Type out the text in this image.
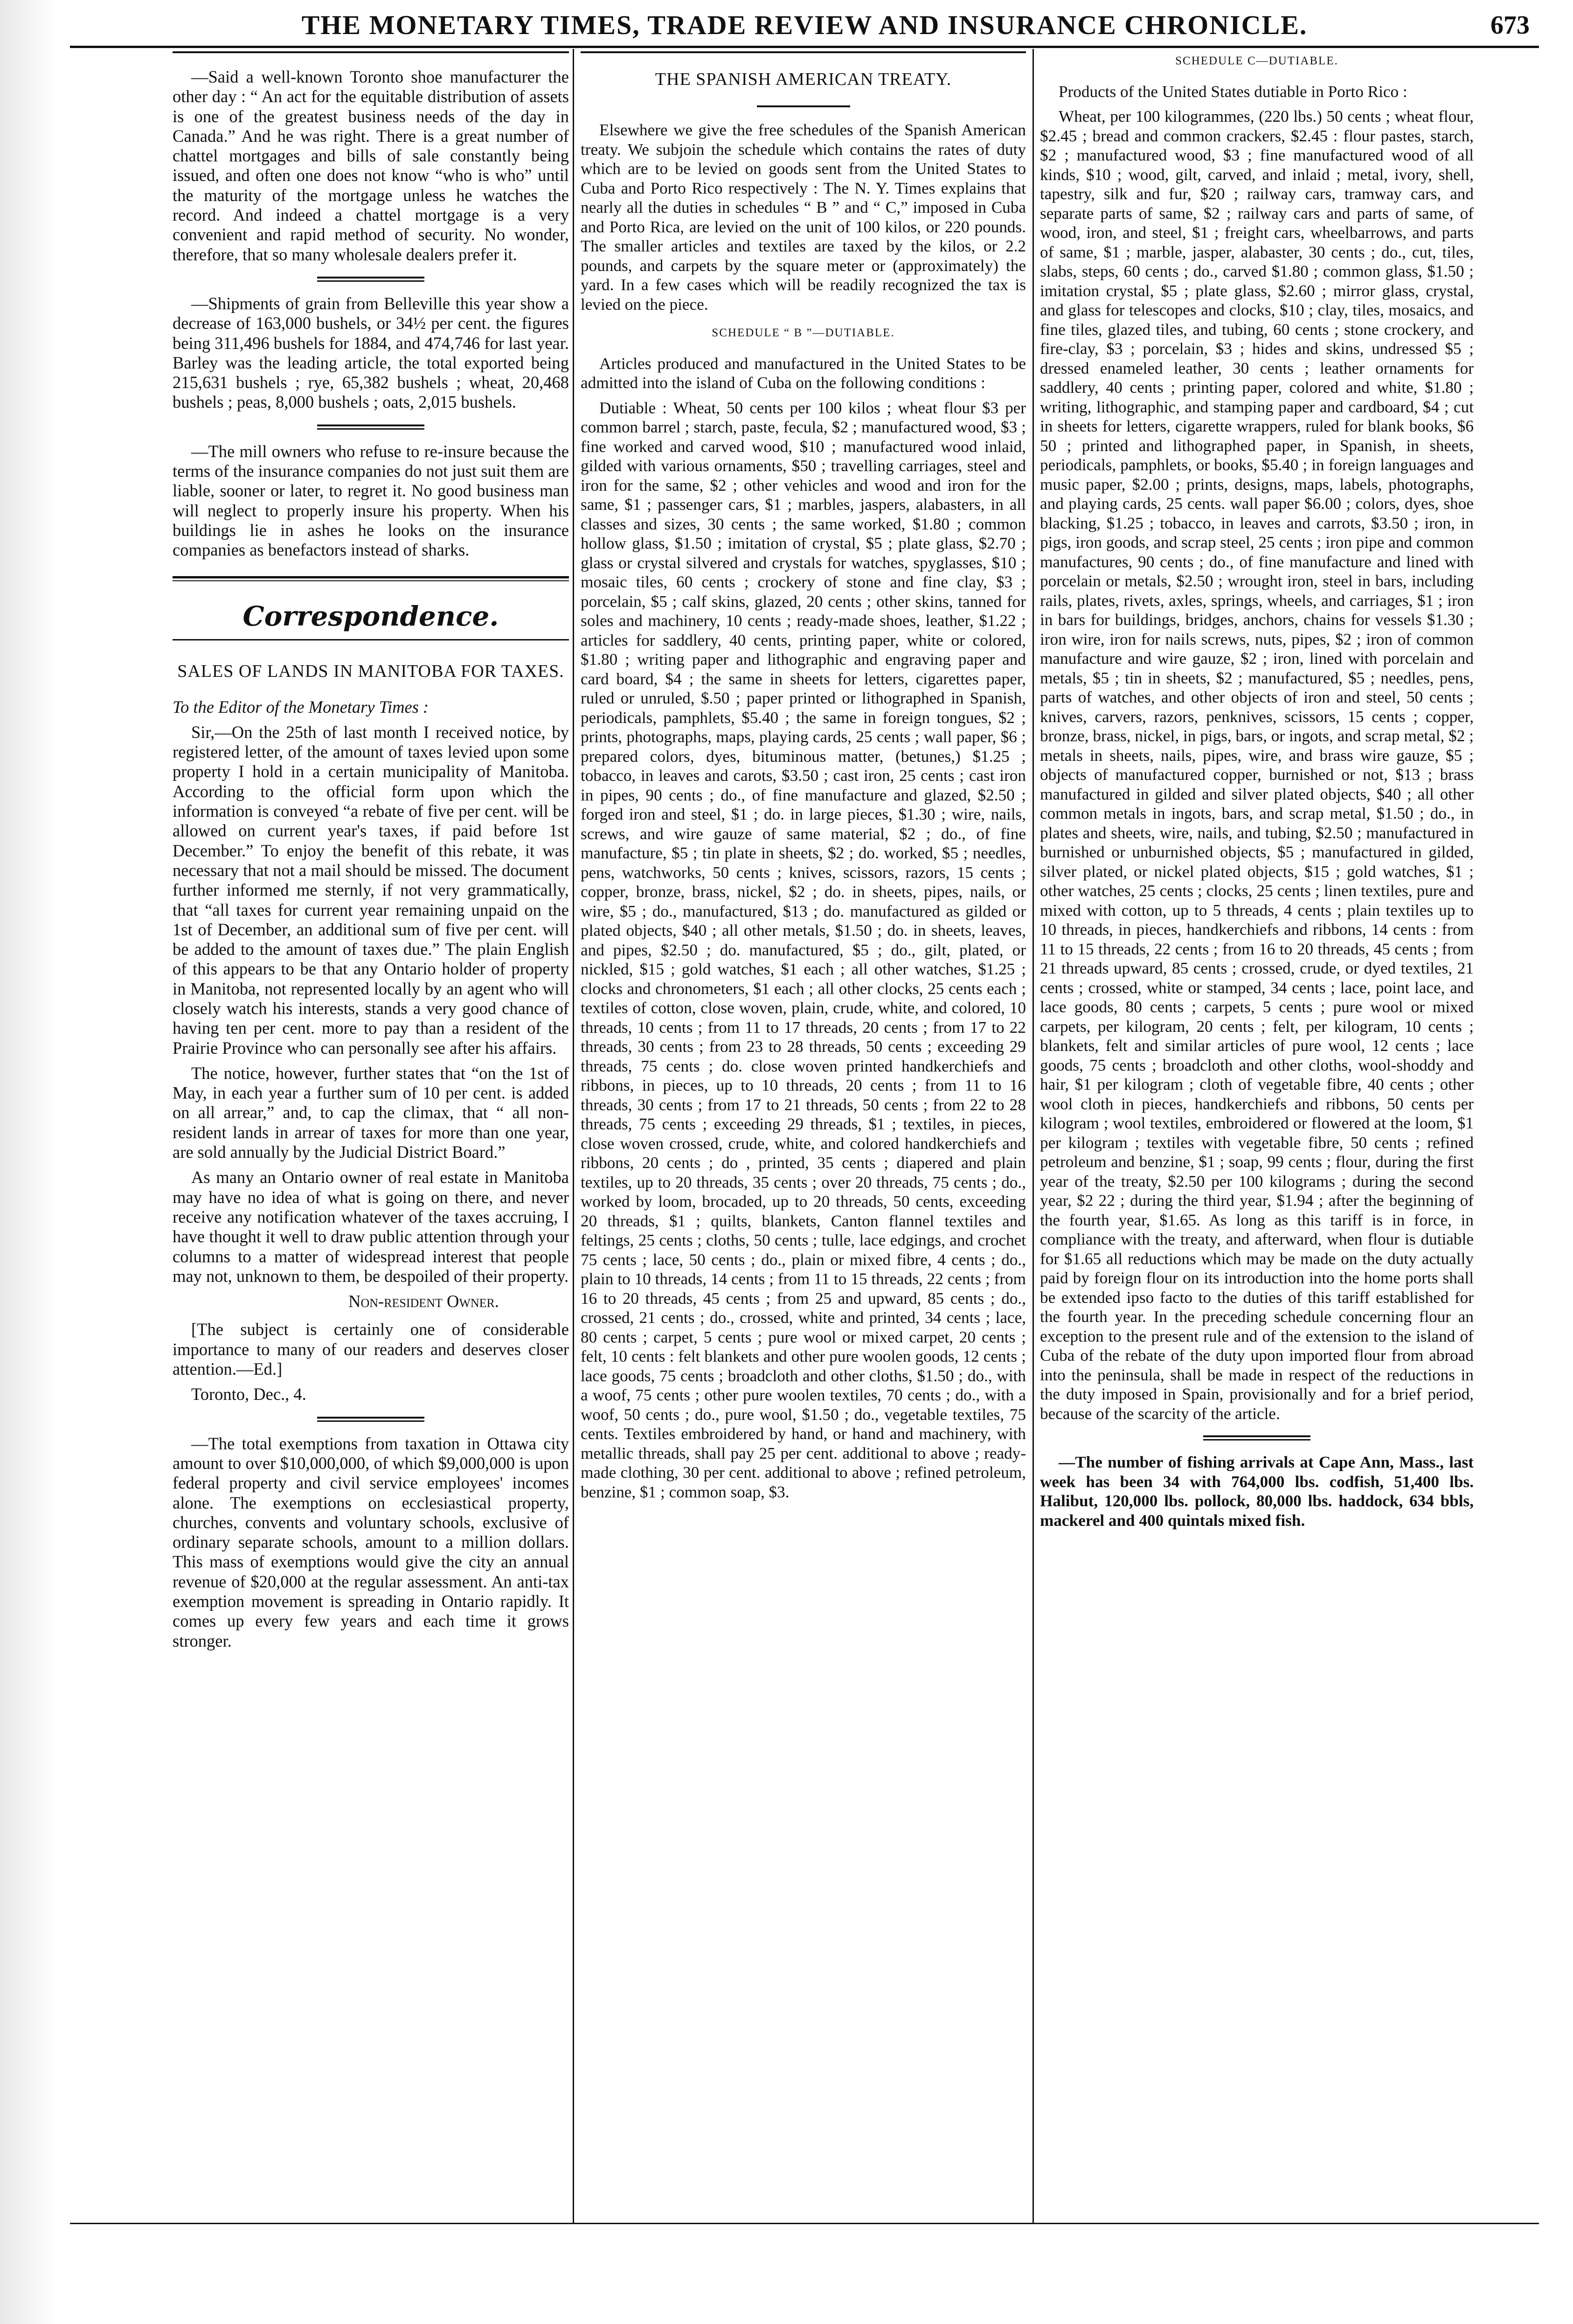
THE MONETARY TIMES, TRADE REVIEW AND INSURANCE CHRONICLE.	673

—Said a well-known Toronto shoe manufacturer the other day : “ An act for the equitable distribution of assets is one of the greatest business needs of the day in Canada.” And he was right. There is a great number of chattel mortgages and bills of sale constantly being issued, and often one does not know “who is who” until the maturity of the mortgage unless he watches the record. And indeed a chattel mortgage is a very convenient and rapid method of security. No wonder, therefore, that so many wholesale dealers prefer it.

—Shipments of grain from Belleville this year show a decrease of 163,000 bushels, or 34½ per cent. the figures being 311,496 bushels for 1884, and 474,746 for last year. Barley was the leading article, the total exported being 215,631 bushels ; rye, 65,382 bushels ; wheat, 20,468 bushels ; peas, 8,000 bushels ; oats, 2,015 bushels.

—The mill owners who refuse to re-insure because the terms of the insurance companies do not just suit them are liable, sooner or later, to regret it. No good business man will neglect to properly insure his property. When his buildings lie in ashes he looks on the insurance companies as benefactors instead of sharks.

Correspondence.
SALES OF LANDS IN MANITOBA FOR TAXES.

To the Editor of the Monetary Times :

Sir,—On the 25th of last month I received notice, by registered letter, of the amount of taxes levied upon some property I hold in a certain municipality of Manitoba. According to the official form upon which the information is conveyed “a rebate of five per cent. will be allowed on current year's taxes, if paid before 1st December.” To enjoy the benefit of this rebate, it was necessary that not a mail should be missed. The document further informed me sternly, if not very grammatically, that “all taxes for current year remaining unpaid on the 1st of December, an additional sum of five per cent. will be added to the amount of taxes due.” The plain English of this appears to be that any Ontario holder of property in Manitoba, not represented locally by an agent who will closely watch his interests, stands a very good chance of having ten per cent. more to pay than a resident of the Prairie Province who can personally see after his affairs.

The notice, however, further states that “on the 1st of May, in each year a further sum of 10 per cent. is added on all arrear,” and, to cap the climax, that “ all non-resident lands in arrear of taxes for more than one year, are sold annually by the Judicial District Board.”

As many an Ontario owner of real estate in Manitoba may have no idea of what is going on there, and never receive any notification whatever of the taxes accruing, I have thought it well to draw public attention through your columns to a matter of widespread interest that people may not, unknown to them, be despoiled of their property.

Non-resident Owner.

[The subject is certainly one of considerable importance to many of our readers and deserves closer attention.—Ed.]

Toronto, Dec., 4.

—The total exemptions from taxation in Ottawa city amount to over $10,000,000, of which $9,000,000 is upon federal property and civil service employees' incomes alone. The exemptions on ecclesiastical property, churches, convents and voluntary schools, exclusive of ordinary separate schools, amount to a million dollars. This mass of exemptions would give the city an annual revenue of $20,000 at the regular assessment. An anti-tax exemption movement is spreading in Ontario rapidly. It comes up every few years and each time it grows stronger.

THE SPANISH AMERICAN TREATY.

Elsewhere we give the free schedules of the Spanish American treaty. We subjoin the schedule which contains the rates of duty which are to be levied on goods sent from the United States to Cuba and Porto Rico respectively : The N. Y. Times explains that nearly all the duties in schedules “ B ” and “ C,” imposed in Cuba and Porto Rica, are levied on the unit of 100 kilos, or 220 pounds. The smaller articles and textiles are taxed by the kilos, or 2.2 pounds, and carpets by the square meter or (approximately) the yard. In a few cases which will be readily recognized the tax is levied on the piece.

SCHEDULE “ B ”—DUTIABLE.

Articles produced and manufactured in the United States to be admitted into the island of Cuba on the following conditions :

Dutiable : Wheat, 50 cents per 100 kilos ; wheat flour $3 per common barrel ; starch, paste, fecula, $2 ; manufactured wood, $3 ; fine worked and carved wood, $10 ; manufactured wood inlaid, gilded with various ornaments, $50 ; travelling carriages, steel and iron for the same, $2 ; other vehicles and wood and iron for the same, $1 ; passenger cars, $1 ; marbles, jaspers, alabasters, in all classes and sizes, 30 cents ; the same worked, $1.80 ; common hollow glass, $1.50 ; imitation of crystal, $5 ; plate glass, $2.70 ; glass or crystal silvered and crystals for watches, spyglasses, $10 ; mosaic tiles, 60 cents ; crockery of stone and fine clay, $3 ; porcelain, $5 ; calf skins, glazed, 20 cents ; other skins, tanned for soles and machinery, 10 cents ; ready-made shoes, leather, $1.22 ; articles for saddlery, 40 cents, printing paper, white or colored, $1.80 ; writing paper and lithographic and engraving paper and card board, $4 ; the same in sheets for letters, cigarettes paper, ruled or unruled, $.50 ; paper printed or lithographed in Spanish, periodicals, pamphlets, $5.40 ; the same in foreign tongues, $2 ; prints, photographs, maps, playing cards, 25 cents ; wall paper, $6 ; prepared colors, dyes, bituminous matter, (betunes,) $1.25 ; tobacco, in leaves and carots, $3.50 ; cast iron, 25 cents ; cast iron in pipes, 90 cents ; do., of fine manufacture and glazed, $2.50 ; forged iron and steel, $1 ; do. in large pieces, $1.30 ; wire, nails, screws, and wire gauze of same material, $2 ; do., of fine manufacture, $5 ; tin plate in sheets, $2 ; do. worked, $5 ; needles, pens, watchworks, 50 cents ; knives, scissors, razors, 15 cents ; copper, bronze, brass, nickel, $2 ; do. in sheets, pipes, nails, or wire, $5 ; do., manufactured, $13 ; do. manufactured as gilded or plated objects, $40 ; all other metals, $1.50 ; do. in sheets, leaves, and pipes, $2.50 ; do. manufactured, $5 ; do., gilt, plated, or nickled, $15 ; gold watches, $1 each ; all other watches, $1.25 ; clocks and chronometers, $1 each ; all other clocks, 25 cents each ; textiles of cotton, close woven, plain, crude, white, and colored, 10 threads, 10 cents ; from 11 to 17 threads, 20 cents ; from 17 to 22 threads, 30 cents ; from 23 to 28 threads, 50 cents ; exceeding 29 threads, 75 cents ; do. close woven printed handkerchiefs and ribbons, in pieces, up to 10 threads, 20 cents ; from 11 to 16 threads, 30 cents ; from 17 to 21 threads, 50 cents ; from 22 to 28 threads, 75 cents ; exceeding 29 threads, $1 ; textiles, in pieces, close woven crossed, crude, white, and colored handkerchiefs and ribbons, 20 cents ; do , printed, 35 cents ; diapered and plain textiles, up to 20 threads, 35 cents ; over 20 threads, 75 cents ; do., worked by loom, brocaded, up to 20 threads, 50 cents, exceeding 20 threads, $1 ; quilts, blankets, Canton flannel textiles and feltings, 25 cents ; cloths, 50 cents ; tulle, lace edgings, and crochet 75 cents ; lace, 50 cents ; do., plain or mixed fibre, 4 cents ; do., plain to 10 threads, 14 cents ; from 11 to 15 threads, 22 cents ; from 16 to 20 threads, 45 cents ; from 25 and upward, 85 cents ; do., crossed, 21 cents ; do., crossed, white and printed, 34 cents ; lace, 80 cents ; carpet, 5 cents ; pure wool or mixed carpet, 20 cents ; felt, 10 cents : felt blankets and other pure woolen goods, 12 cents ; lace goods, 75 cents ; broadcloth and other cloths, $1.50 ; do., with a woof, 75 cents ; other pure woolen textiles, 70 cents ; do., with a woof, 50 cents ; do., pure wool, $1.50 ; do., vegetable textiles, 75 cents. Textiles embroidered by hand, or hand and machinery, with metallic threads, shall pay 25 per cent. additional to above ; ready-made clothing, 30 per cent. additional to above ; refined petroleum, benzine, $1 ; common soap, $3.

SCHEDULE C—DUTIABLE.

Products of the United States dutiable in Porto Rico :

Wheat, per 100 kilogrammes, (220 lbs.) 50 cents ; wheat flour, $2.45 ; bread and common crackers, $2.45 : flour pastes, starch, $2 ; manufactured wood, $3 ; fine manufactured wood of all kinds, $10 ; wood, gilt, carved, and inlaid ; metal, ivory, shell, tapestry, silk and fur, $20 ; railway cars, tramway cars, and separate parts of same, $2 ; railway cars and parts of same, of wood, iron, and steel, $1 ; freight cars, wheelbarrows, and parts of same, $1 ; marble, jasper, alabaster, 30 cents ; do., cut, tiles, slabs, steps, 60 cents ; do., carved $1.80 ; common glass, $1.50 ; imitation crystal, $5 ; plate glass, $2.60 ; mirror glass, crystal, and glass for telescopes and clocks, $10 ; clay, tiles, mosaics, and fine tiles, glazed tiles, and tubing, 60 cents ; stone crockery, and fire-clay, $3 ; porcelain, $3 ; hides and skins, undressed $5 ; dressed enameled leather, 30 cents ; leather ornaments for saddlery, 40 cents ; printing paper, colored and white, $1.80 ; writing, lithographic, and stamping paper and cardboard, $4 ; cut in sheets for letters, cigarette wrappers, ruled for blank books, $6 50 ; printed and lithographed paper, in Spanish, in sheets, periodicals, pamphlets, or books, $5.40 ; in foreign languages and music paper, $2.00 ; prints, designs, maps, labels, photographs, and playing cards, 25 cents. wall paper $6.00 ; colors, dyes, shoe blacking, $1.25 ; tobacco, in leaves and carrots, $3.50 ; iron, in pigs, iron goods, and scrap steel, 25 cents ; iron pipe and common manufactures, 90 cents ; do., of fine manufacture and lined with porcelain or metals, $2.50 ; wrought iron, steel in bars, including rails, plates, rivets, axles, springs, wheels, and carriages, $1 ; iron in bars for buildings, bridges, anchors, chains for vessels $1.30 ; iron wire, iron for nails screws, nuts, pipes, $2 ; iron of common manufacture and wire gauze, $2 ; iron, lined with porcelain and metals, $5 ; tin in sheets, $2 ; manufactured, $5 ; needles, pens, parts of watches, and other objects of iron and steel, 50 cents ; knives, carvers, razors, penknives, scissors, 15 cents ; copper, bronze, brass, nickel, in pigs, bars, or ingots, and scrap metal, $2 ; metals in sheets, nails, pipes, wire, and brass wire gauze, $5 ; objects of manufactured copper, burnished or not, $13 ; brass manufactured in gilded and silver plated objects, $40 ; all other common metals in ingots, bars, and scrap metal, $1.50 ; do., in plates and sheets, wire, nails, and tubing, $2.50 ; manufactured in burnished or unburnished objects, $5 ; manufactured in gilded, silver plated, or nickel plated objects, $15 ; gold watches, $1 ; other watches, 25 cents ; clocks, 25 cents ; linen textiles, pure and mixed with cotton, up to 5 threads, 4 cents ; plain textiles up to 10 threads, in pieces, handkerchiefs and ribbons, 14 cents : from 11 to 15 threads, 22 cents ; from 16 to 20 threads, 45 cents ; from 21 threads upward, 85 cents ; crossed, crude, or dyed textiles, 21 cents ; crossed, white or stamped, 34 cents ; lace, point lace, and lace goods, 80 cents ; carpets, 5 cents ; pure wool or mixed carpets, per kilogram, 20 cents ; felt, per kilogram, 10 cents ; blankets, felt and similar articles of pure wool, 12 cents ; lace goods, 75 cents ; broadcloth and other cloths, wool-shoddy and hair, $1 per kilogram ; cloth of vegetable fibre, 40 cents ; other wool cloth in pieces, handkerchiefs and ribbons, 50 cents per kilogram ; wool textiles, embroidered or flowered at the loom, $1 per kilogram ; textiles with vegetable fibre, 50 cents ; refined petroleum and benzine, $1 ; soap, 99 cents ; flour, during the first year of the treaty, $2.50 per 100 kilograms ; during the second year, $2 22 ; during the third year, $1.94 ; after the beginning of the fourth year, $1.65. As long as this tariff is in force, in compliance with the treaty, and afterward, when flour is dutiable for $1.65 all reductions which may be made on the duty actually paid by foreign flour on its introduction into the home ports shall be extended ipso facto to the duties of this tariff established for the fourth year. In the preceding schedule concerning flour an exception to the present rule and of the extension to the island of Cuba of the rebate of the duty upon imported flour from abroad into the peninsula, shall be made in respect of the reductions in the duty imposed in Spain, provisionally and for a brief period, because of the scarcity of the article.

—The number of fishing arrivals at Cape Ann, Mass., last week has been 34 with 764,000 lbs. codfish, 51,400 lbs. Halibut, 120,000 lbs. pollock, 80,000 lbs. haddock, 634 bbls, mackerel and 400 quintals mixed fish.
